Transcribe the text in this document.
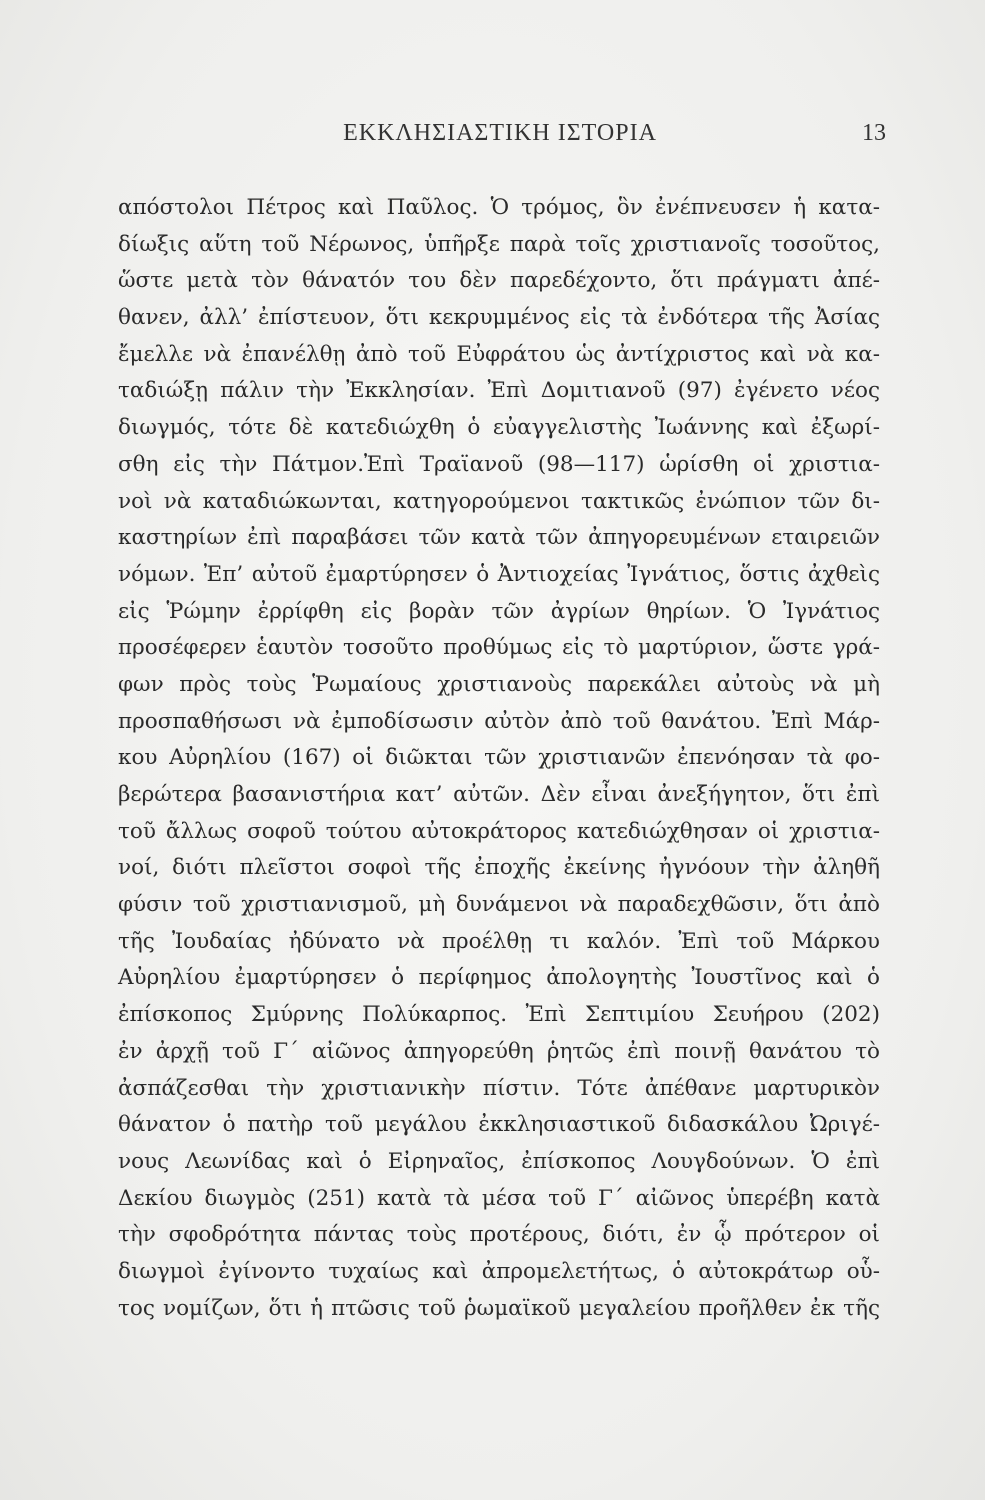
ΕΚΚΛΗΣΙΑΣΤΙΚΗ ΙΣΤΟΡΙΑ	13
απόστολοι Πέτρος καὶ Παῦλος. Ὁ τρόμος, ὃν ἐνέπνευσεν ἡ κατα-
δίωξις αὕτη τοῦ Νέρωνος, ὑπῆρξε παρὰ τοῖς χριστιανοῖς τοσοῦτος,
ὥστε μετὰ τὸν θάνατόν του δὲν παρεδέχοντο, ὅτι πράγματι ἀπέ-
θανεν, ἀλλ’ ἐπίστευον, ὅτι κεκρυμμένος εἰς τὰ ἐνδότερα τῆς Ἀσίας
ἔμελλε νὰ ἐπανέλθῃ ἀπὸ τοῦ Εὐφράτου ὡς ἀντίχριστος καὶ νὰ κα-
ταδιώξῃ πάλιν τὴν Ἐκκλησίαν. Ἐπὶ Δομιτιανοῦ (97) ἐγένετο νέος
διωγμός, τότε δὲ κατεδιώχθη ὁ εὐαγγελιστὴς Ἰωάννης καὶ ἐξωρί-
σθη εἰς τὴν Πάτμον.Ἐπὶ Τραϊανοῦ (98—117) ὡρίσθη οἱ χριστια-
νοὶ νὰ καταδιώκωνται, κατηγορούμενοι τακτικῶς ἐνώπιον τῶν δι-
καστηρίων ἐπὶ παραβάσει τῶν κατὰ τῶν ἀπηγορευμένων εταιρειῶν
νόμων. Ἐπ’ αὐτοῦ ἐμαρτύρησεν ὁ Ἀντιοχείας Ἰγνάτιος, ὅστις ἀχθεὶς
εἰς Ῥώμην ἐρρίφθη εἰς βορὰν τῶν ἀγρίων θηρίων. Ὁ Ἰγνάτιος
προσέφερεν ἑαυτὸν τοσοῦτο προθύμως εἰς τὸ μαρτύριον, ὥστε γρά-
φων πρὸς τοὺς Ῥωμαίους χριστιανοὺς παρεκάλει αὐτοὺς νὰ μὴ
προσπαθήσωσι νὰ ἐμποδίσωσιν αὐτὸν ἀπὸ τοῦ θανάτου. Ἐπὶ Μάρ-
κου Αὐρηλίου (167) οἱ διῶκται τῶν χριστιανῶν ἐπενόησαν τὰ φο-
βερώτερα βασανιστήρια κατ’ αὐτῶν. Δὲν εἶναι ἀνεξήγητον, ὅτι ἐπὶ
τοῦ ἄλλως σοφοῦ τούτου αὐτοκράτορος κατεδιώχθησαν οἱ χριστια-
νοί, διότι πλεῖστοι σοφοὶ τῆς ἐποχῆς ἐκείνης ἠγνόουν τὴν ἀληθῆ
φύσιν τοῦ χριστιανισμοῦ, μὴ δυνάμενοι νὰ παραδεχθῶσιν, ὅτι ἀπὸ
τῆς Ἰουδαίας ἠδύνατο νὰ προέλθῃ τι καλόν. Ἐπὶ τοῦ Μάρκου
Αὐρηλίου ἐμαρτύρησεν ὁ περίφημος ἀπολογητὴς Ἰουστῖνος καὶ ὁ
ἐπίσκοπος Σμύρνης Πολύκαρπος. Ἐπὶ Σεπτιμίου Σευήρου (202)
ἐν ἀρχῇ τοῦ Γ΄ αἰῶνος ἀπηγορεύθη ῥητῶς ἐπὶ ποινῇ θανάτου τὸ
ἀσπάζεσθαι τὴν χριστιανικὴν πίστιν. Τότε ἀπέθανε μαρτυρικὸν
θάνατον ὁ πατὴρ τοῦ μεγάλου ἐκκλησιαστικοῦ διδασκάλου Ὠριγέ-
νους Λεωνίδας καὶ ὁ Εἰρηναῖος, ἐπίσκοπος Λουγδούνων. Ὁ ἐπὶ
Δεκίου διωγμὸς (251) κατὰ τὰ μέσα τοῦ Γ΄ αἰῶνος ὑπερέβη κατὰ
τὴν σφοδρότητα πάντας τοὺς προτέρους, διότι, ἐν ᾧ πρότερον οἱ
διωγμοὶ ἐγίνοντο τυχαίως καὶ ἀπρομελετήτως, ὁ αὐτοκράτωρ οὗ-
τος νομίζων, ὅτι ἡ πτῶσις τοῦ ῥωμαϊκοῦ μεγαλείου προῆλθεν ἐκ τῆς
